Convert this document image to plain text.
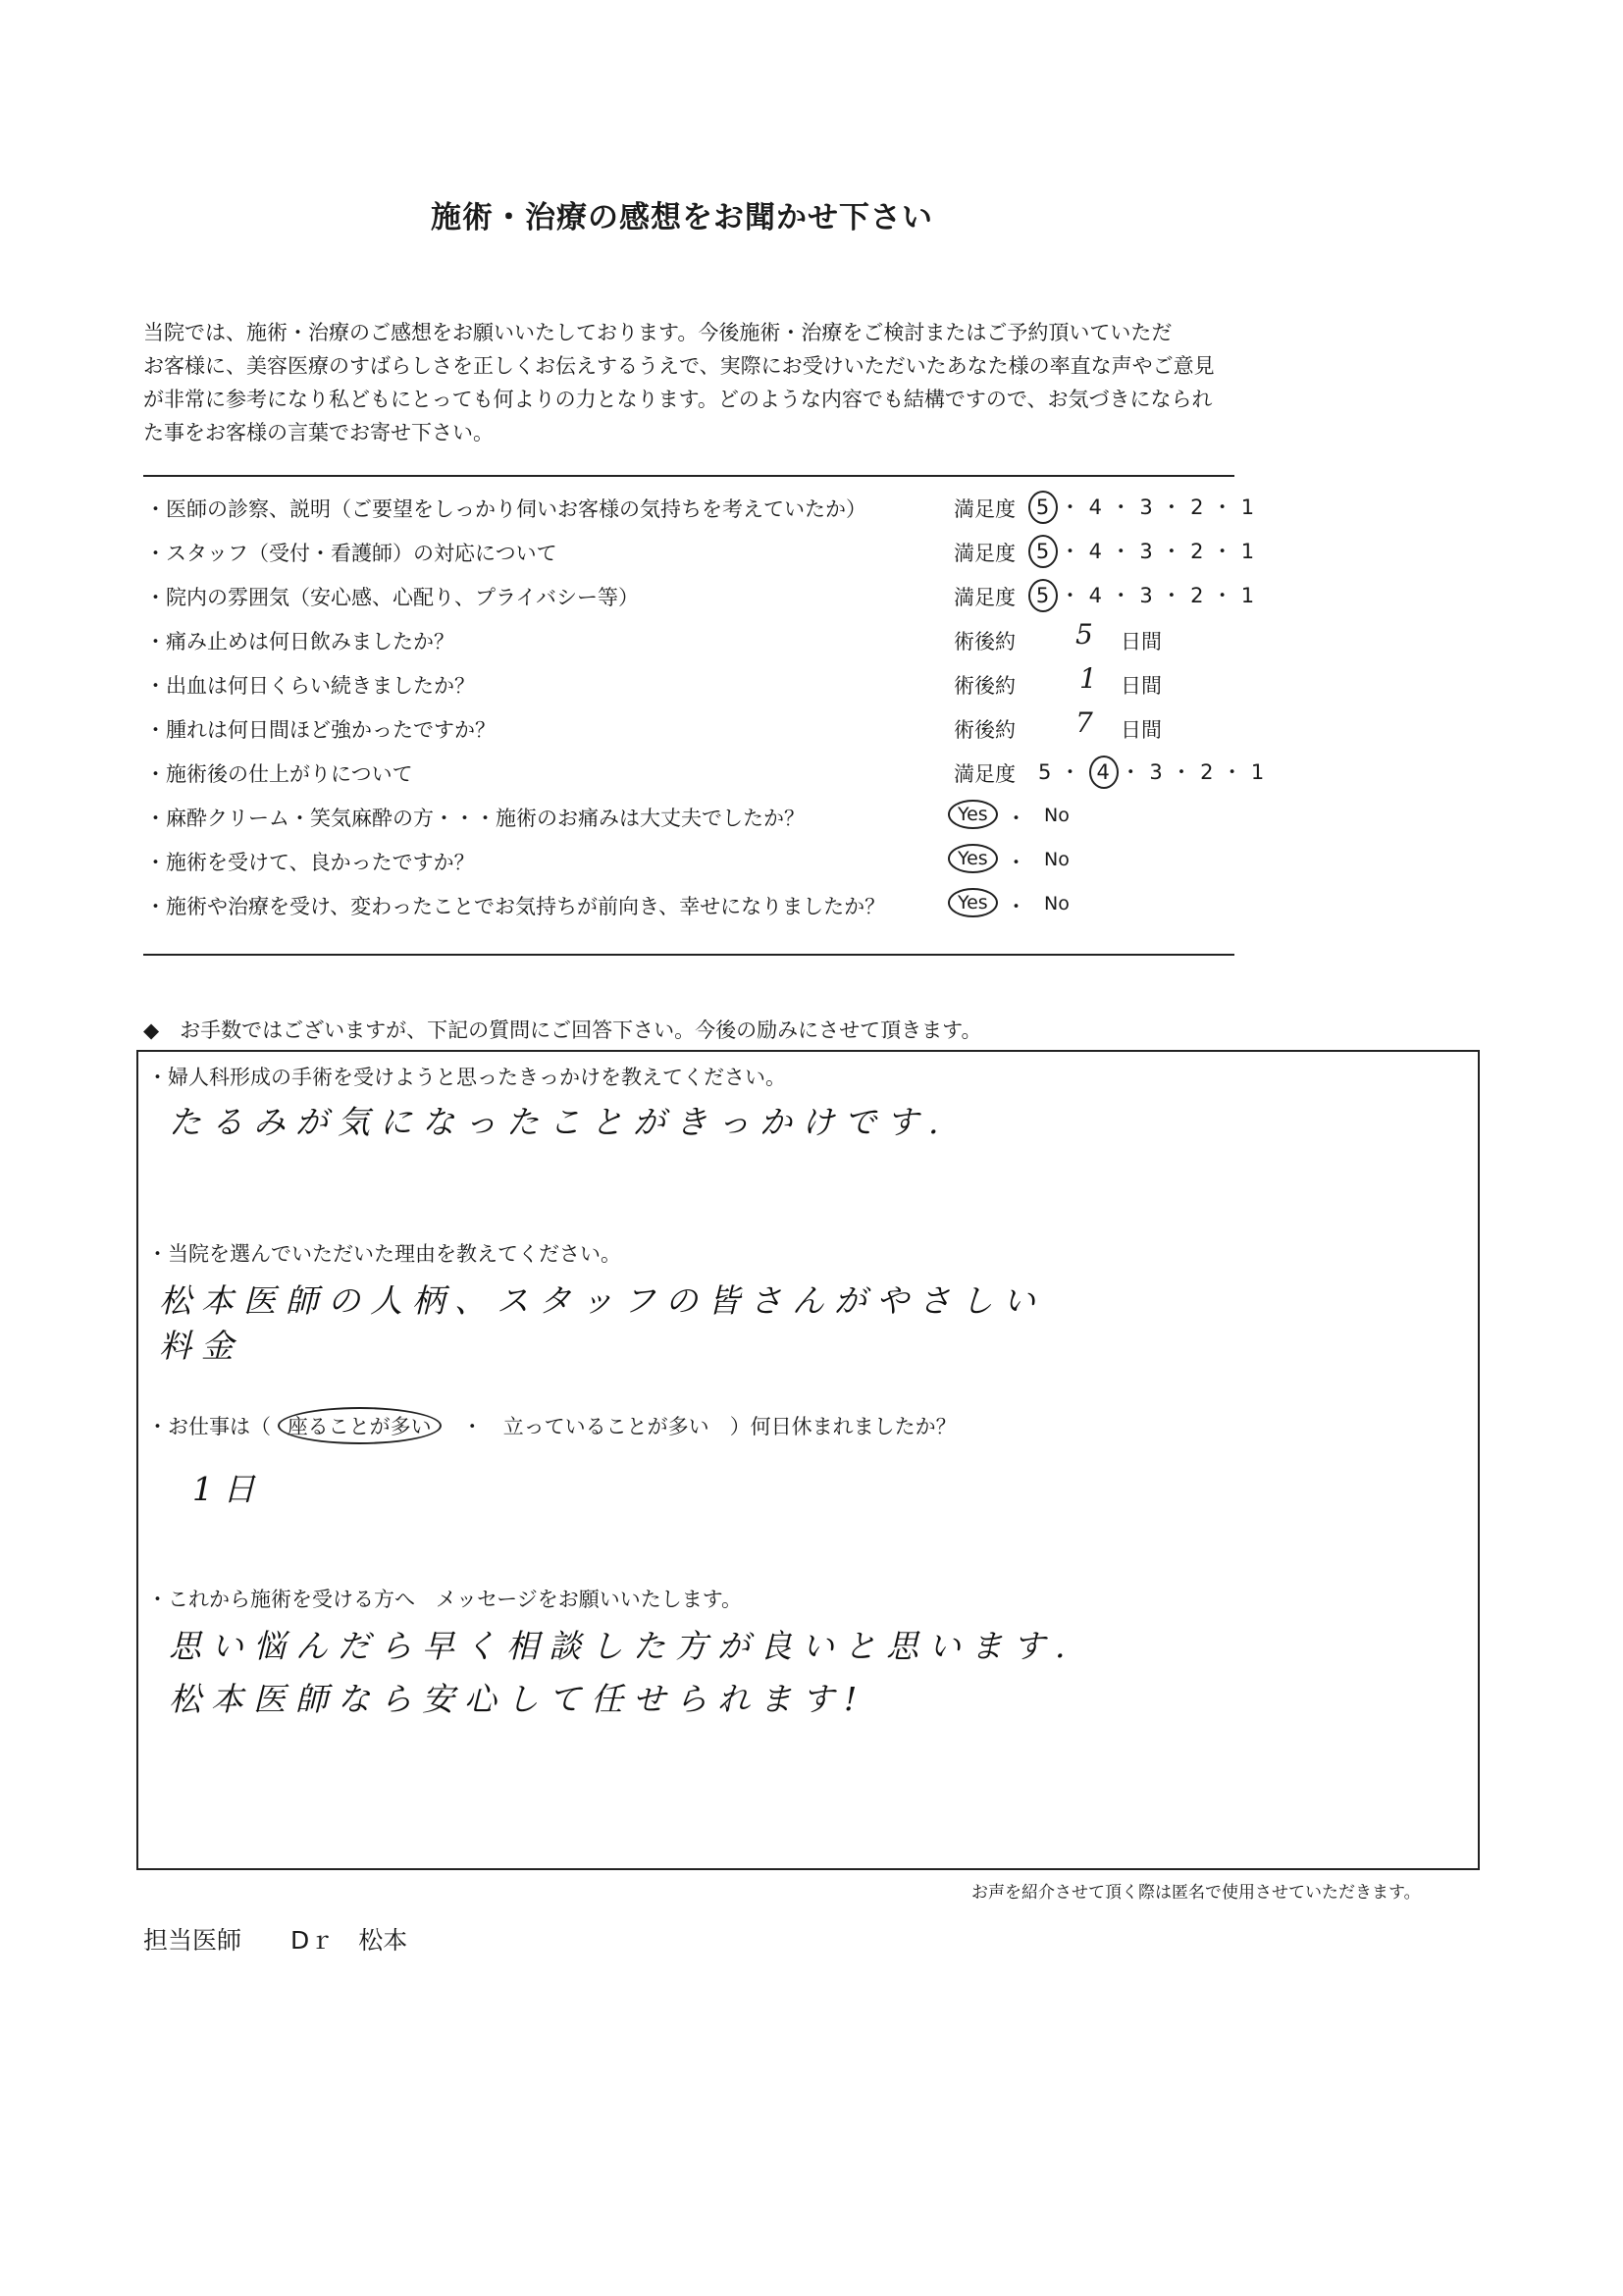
施術・治療の感想をお聞かせ下さい
当院では、施術・治療のご感想をお願いいたしております。今後施術・治療をご検討またはご予約頂いていただ
お客様に、美容医療のすばらしさを正しくお伝えするうえで、実際にお受けいただいたあなた様の率直な声やご意見
が非常に参考になり私どもにとっても何よりの力となります。どのような内容でも結構ですので、お気づきになられ
た事をお客様の言葉でお寄せ下さい。
・医師の診察、説明（ご要望をしっかり伺いお客様の気持ちを考えていたか）	満足度 5 ・ 4 ・ 3 ・ 2 ・ 1
・スタッフ（受付・看護師）の対応について	満足度 5 ・ 4 ・ 3 ・ 2 ・ 1
・院内の雰囲気（安心感、心配り、プライバシー等）	満足度 5 ・ 4 ・ 3 ・ 2 ・ 1
・痛み止めは何日飲みましたか？	術後約 5 日間
・出血は何日くらい続きましたか？	術後約 1 日間
・腫れは何日間ほど強かったですか？	術後約 7 日間
・施術後の仕上がりについて	満足度 5 ・ 4 ・ 3 ・ 2 ・ 1
・麻酔クリーム・笑気麻酔の方・・・施術のお痛みは大丈夫でしたか？	Yes ・ No
・施術を受けて、良かったですか？	Yes ・ No
・施術や治療を受け、変わったことでお気持ちが前向き、幸せになりましたか？	Yes ・ No
◆　お手数ではございますが、下記の質問にご回答下さい。今後の励みにさせて頂きます。
・婦人科形成の手術を受けようと思ったきっかけを教えてください。
たるみが気になったことがきっかけです.
・当院を選んでいただいた理由を教えてください。
松本医師の人柄、スタッフの皆さんがやさしい
料金
・お仕事は（ 座ることが多い　 ・　 立っていることが多い　 ）何日休まれましたか？
1日
・これから施術を受ける方へ　メッセージをお願いいたします。
思い悩んだら早く相談した方が良いと思います.
松本医師なら安心して任せられます!
お声を紹介させて頂く際は匿名で使用させていただきます。
担当医師　　 Dｒ　松本
